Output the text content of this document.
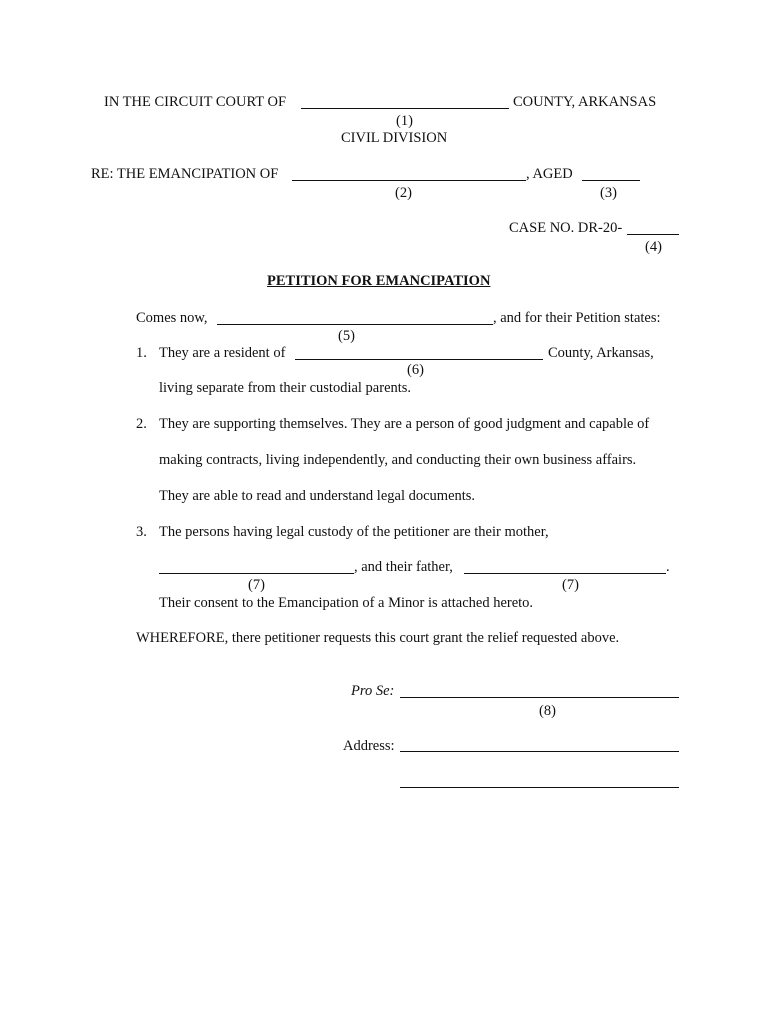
IN THE CIRCUIT COURT OF	COUNTY, ARKANSAS
(1)
CIVIL DIVISION
RE: THE EMANCIPATION OF	, AGED
(2)	(3)
CASE NO. DR-20-
(4)
PETITION FOR EMANCIPATION
Comes now,	, and for their Petition states:
(5)
1. They are a resident of	County, Arkansas,
(6)
living separate from their custodial parents.
2. They are supporting themselves. They are a person of good judgment and capable of
making contracts, living independently, and conducting their own business affairs.
They are able to read and understand legal documents.
3. The persons having legal custody of the petitioner are their mother,
, and their father,	.
(7)	(7)
Their consent to the Emancipation of a Minor is attached hereto.
WHEREFORE, there petitioner requests this court grant the relief requested above.
Pro Se:
(8)
Address:
